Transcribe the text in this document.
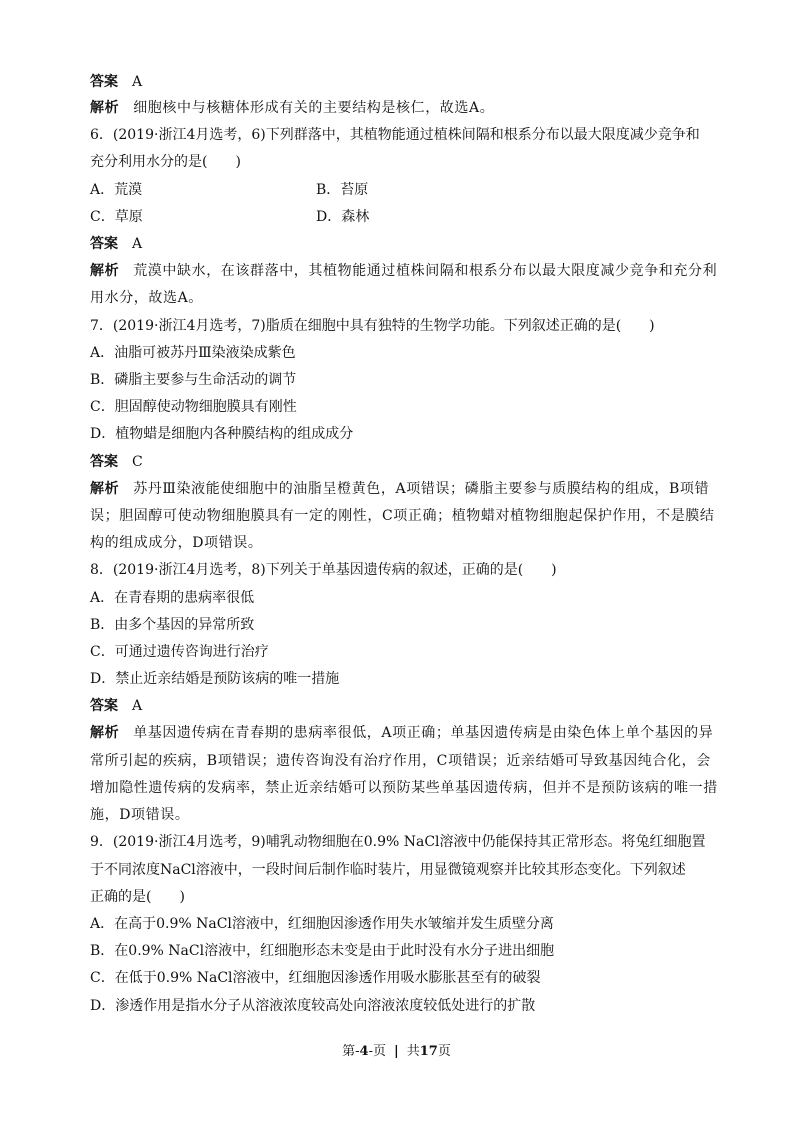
答案 A
解析 细胞核中与核糖体形成有关的主要结构是核仁，故选A。
6．(2019·浙江4月选考，6)下列群落中，其植物能通过植株间隔和根系分布以最大限度减少竞争和
充分利用水分的是(　　)
A．荒漠	B．苔原
C．草原	D．森林
答案 A
解析 荒漠中缺水，在该群落中，其植物能通过植株间隔和根系分布以最大限度减少竞争和充分利
用水分，故选A。
7．(2019·浙江4月选考，7)脂质在细胞中具有独特的生物学功能。下列叙述正确的是(　　)
A．油脂可被苏丹Ⅲ染液染成紫色
B．磷脂主要参与生命活动的调节
C．胆固醇使动物细胞膜具有刚性
D．植物蜡是细胞内各种膜结构的组成成分
答案 C
解析 苏丹Ⅲ染液能使细胞中的油脂呈橙黄色，A项错误；磷脂主要参与质膜结构的组成，B项错
误；胆固醇可使动物细胞膜具有一定的刚性，C项正确；植物蜡对植物细胞起保护作用，不是膜结
构的组成成分，D项错误。
8．(2019·浙江4月选考，8)下列关于单基因遗传病的叙述，正确的是(　　)
A．在青春期的患病率很低
B．由多个基因的异常所致
C．可通过遗传咨询进行治疗
D．禁止近亲结婚是预防该病的唯一措施
答案 A
解析 单基因遗传病在青春期的患病率很低，A项正确；单基因遗传病是由染色体上单个基因的异
常所引起的疾病，B项错误；遗传咨询没有治疗作用，C项错误；近亲结婚可导致基因纯合化，会
增加隐性遗传病的发病率，禁止近亲结婚可以预防某些单基因遗传病，但并不是预防该病的唯一措
施，D项错误。
9．(2019·浙江4月选考，9)哺乳动物细胞在0.9% NaCl溶液中仍能保持其正常形态。将兔红细胞置
于不同浓度NaCl溶液中，一段时间后制作临时装片，用显微镜观察并比较其形态变化。下列叙述
正确的是(　　)
A．在高于0.9% NaCl溶液中，红细胞因渗透作用失水皱缩并发生质壁分离
B．在0.9% NaCl溶液中，红细胞形态未变是由于此时没有水分子进出细胞
C．在低于0.9% NaCl溶液中，红细胞因渗透作用吸水膨胀甚至有的破裂
D．渗透作用是指水分子从溶液浓度较高处向溶液浓度较低处进行的扩散
第-4-页 | 共17页
